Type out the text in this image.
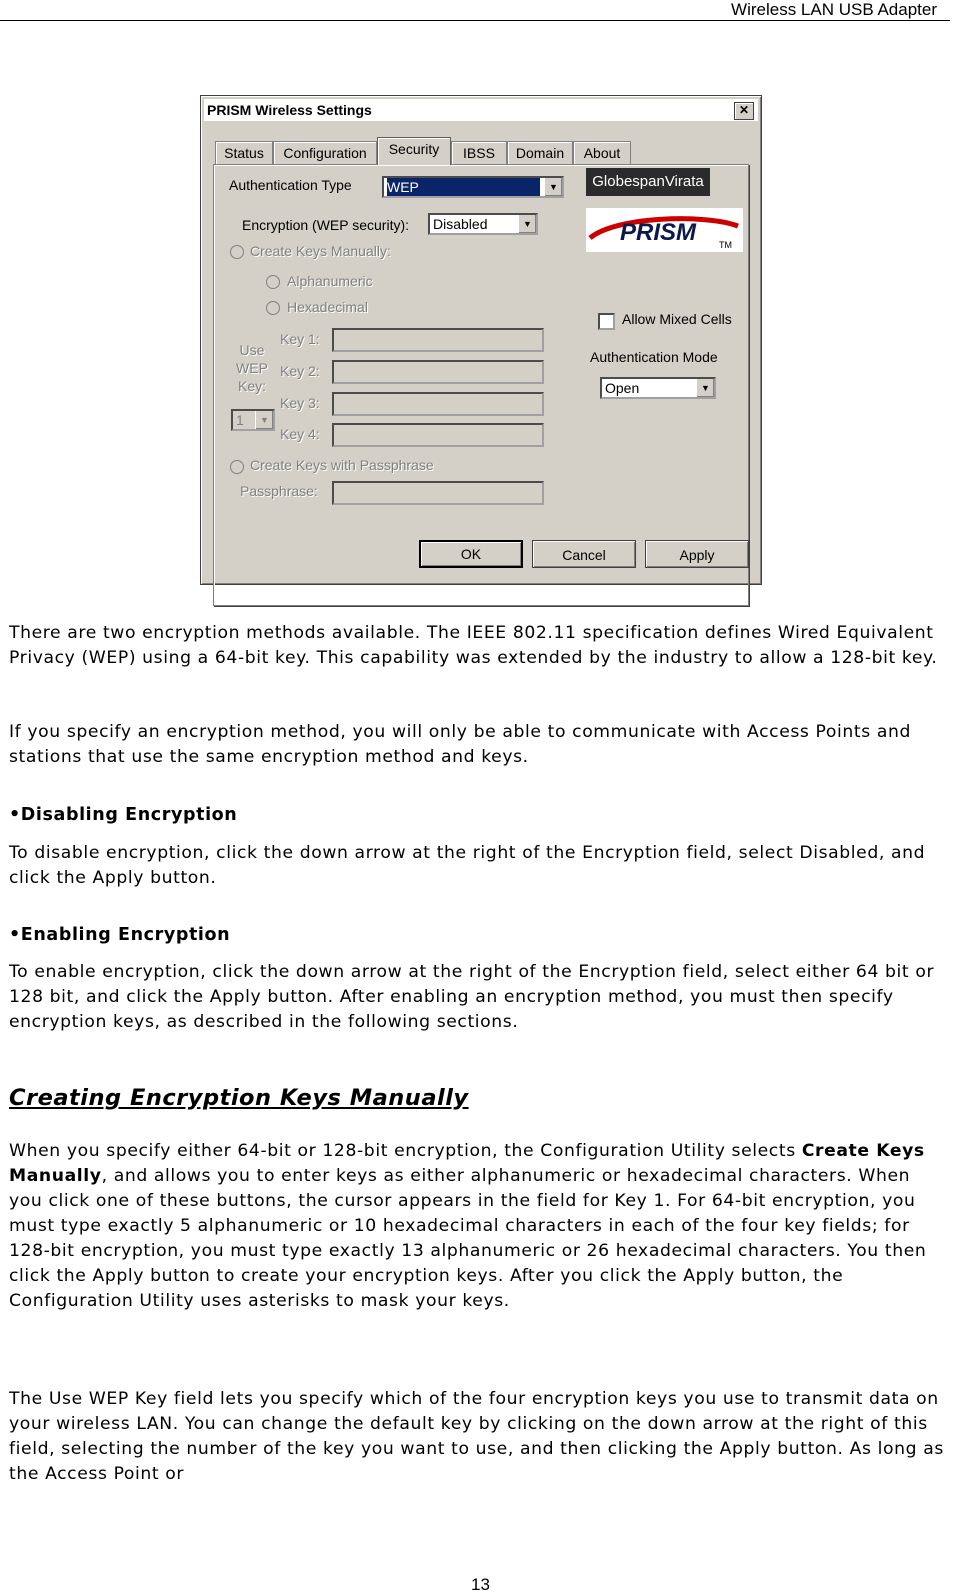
Wireless LAN USB Adapter
PRISM Wireless Settings	✕
Status	Configuration	Security	IBSS	Domain	About
Authentication Type	WEP	▼
Encryption (WEP security):	Disabled	▼
Create Keys Manually:
Alphanumeric
Hexadecimal
Use WEP Key:
1	▼
Key 1:
Key 2:
Key 3:
Key 4:
Create Keys with Passphrase
Passphrase:
Allow Mixed Cells
Authentication Mode
Open	▼
OK	Cancel	Apply
GlobespanVirata
PRISM	TM

There are two encryption methods available. The IEEE 802.11 specification defines Wired Equivalent Privacy (WEP) using a 64-bit key. This capability was extended by the industry to allow a 128-bit key.

If you specify an encryption method, you will only be able to communicate with Access Points and stations that use the same encryption method and keys.

•Disabling Encryption

To disable encryption, click the down arrow at the right of the Encryption field, select Disabled, and click the Apply button.

•Enabling Encryption

To enable encryption, click the down arrow at the right of the Encryption field, select either 64 bit or 128 bit, and click the Apply button. After enabling an encryption method, you must then specify encryption keys, as described in the following sections.

Creating Encryption Keys Manually

When you specify either 64-bit or 128-bit encryption, the Configuration Utility selects Create Keys Manually, and allows you to enter keys as either alphanumeric or hexadecimal characters. When you click one of these buttons, the cursor appears in the field for Key 1. For 64-bit encryption, you must type exactly 5 alphanumeric or 10 hexadecimal characters in each of the four key fields; for 128-bit encryption, you must type exactly 13 alphanumeric or 26 hexadecimal characters. You then click the Apply button to create your encryption keys. After you click the Apply button, the Configuration Utility uses asterisks to mask your keys.

The Use WEP Key field lets you specify which of the four encryption keys you use to transmit data on your wireless LAN. You can change the default key by clicking on the down arrow at the right of this field, selecting the number of the key you want to use, and then clicking the Apply button. As long as the Access Point or

13
